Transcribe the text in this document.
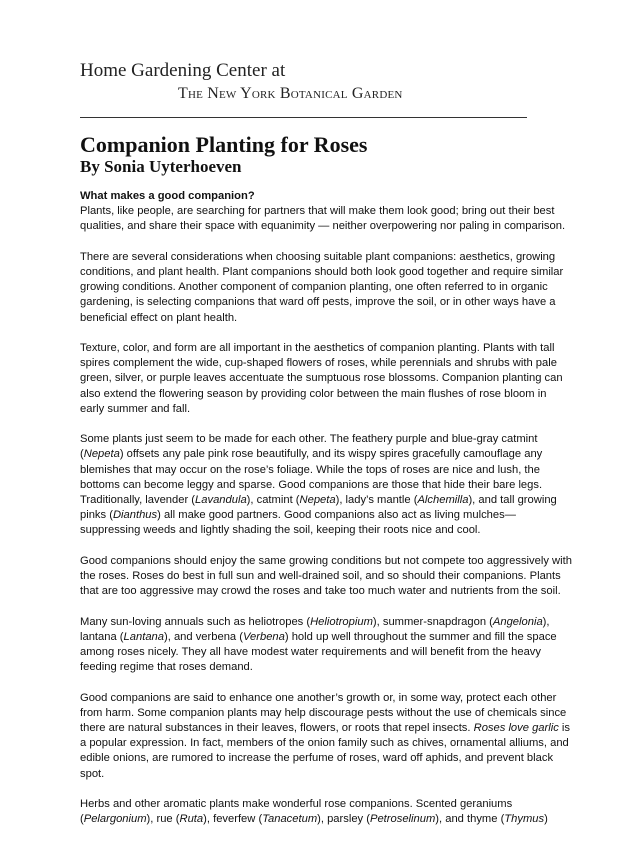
Home Gardening Center at
The New York Botanical Garden
Companion Planting for Roses
By Sonia Uyterhoeven
What makes a good companion?

Plants, like people, are searching for partners that will make them look good; bring out their best qualities, and share their space with equanimity — neither overpowering nor paling in comparison.

There are several considerations when choosing suitable plant companions: aesthetics, growing conditions, and plant health. Plant companions should both look good together and require similar growing conditions. Another component of companion planting, one often referred to in organic gardening, is selecting companions that ward off pests, improve the soil, or in other ways have a beneficial effect on plant health.

Texture, color, and form are all important in the aesthetics of companion planting. Plants with tall spires complement the wide, cup-shaped flowers of roses, while perennials and shrubs with pale green, silver, or purple leaves accentuate the sumptuous rose blossoms. Companion planting can also extend the flowering season by providing color between the main flushes of rose bloom in early summer and fall.

Some plants just seem to be made for each other. The feathery purple and blue-gray catmint (Nepeta) offsets any pale pink rose beautifully, and its wispy spires gracefully camouflage any blemishes that may occur on the rose’s foliage. While the tops of roses are nice and lush, the bottoms can become leggy and sparse. Good companions are those that hide their bare legs. Traditionally, lavender (Lavandula), catmint (Nepeta), lady’s mantle (Alchemilla), and tall growing pinks (Dianthus) all make good partners. Good companions also act as living mulches—suppressing weeds and lightly shading the soil, keeping their roots nice and cool.

Good companions should enjoy the same growing conditions but not compete too aggressively with the roses. Roses do best in full sun and well-drained soil, and so should their companions. Plants that are too aggressive may crowd the roses and take too much water and nutrients from the soil.

Many sun-loving annuals such as heliotropes (Heliotropium), summer-snapdragon (Angelonia), lantana (Lantana), and verbena (Verbena) hold up well throughout the summer and fill the space among roses nicely. They all have modest water requirements and will benefit from the heavy feeding regime that roses demand.

Good companions are said to enhance one another’s growth or, in some way, protect each other from harm. Some companion plants may help discourage pests without the use of chemicals since there are natural substances in their leaves, flowers, or roots that repel insects. Roses love garlic is a popular expression. In fact, members of the onion family such as chives, ornamental alliums, and edible onions, are rumored to increase the perfume of roses, ward off aphids, and prevent black spot.

Herbs and other aromatic plants make wonderful rose companions. Scented geraniums (Pelargonium), rue (Ruta), feverfew (Tanacetum), parsley (Petroselinum), and thyme (Thymus)
